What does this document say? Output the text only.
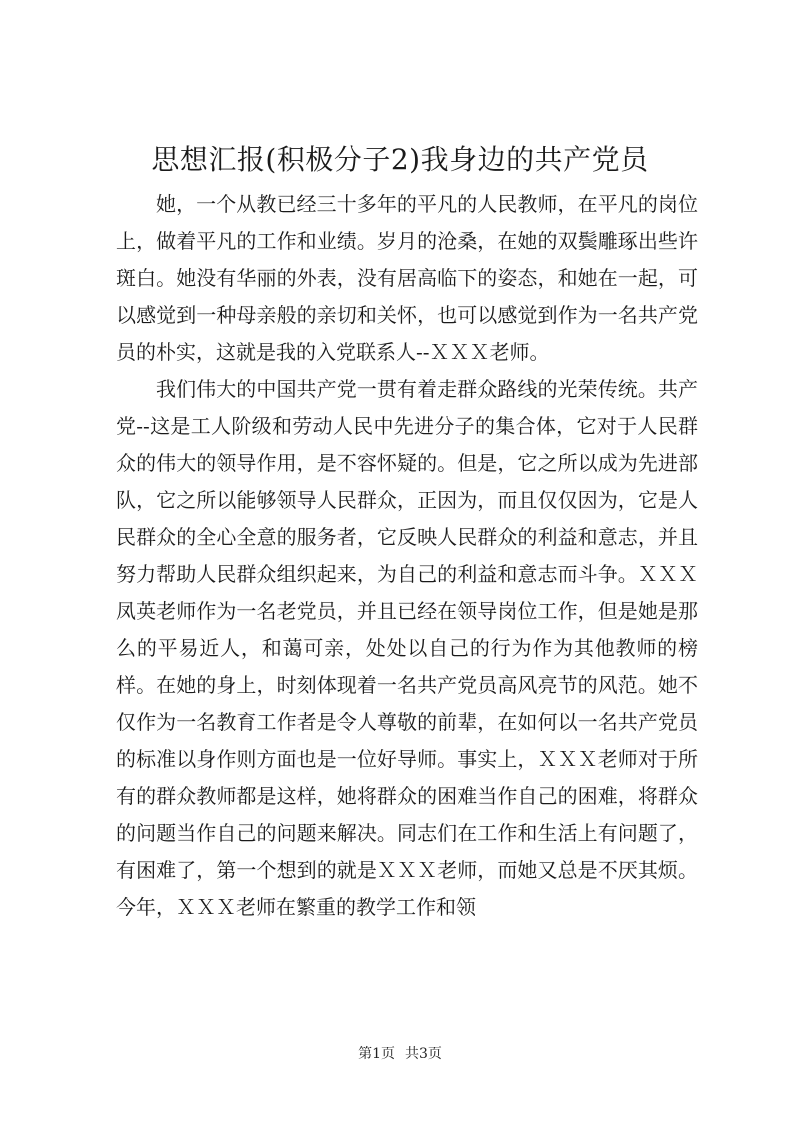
思想汇报(积极分子2)我身边的共产党员

她，一个从教已经三十多年的平凡的人民教师，在平凡的岗位上，做着平凡的工作和业绩。岁月的沧桑，在她的双鬓雕琢出些许斑白。她没有华丽的外表，没有居高临下的姿态，和她在一起，可以感觉到一种母亲般的亲切和关怀，也可以感觉到作为一名共产党员的朴实，这就是我的入党联系人--ＸＸＸ老师。

我们伟大的中国共产党一贯有着走群众路线的光荣传统。共产党--这是工人阶级和劳动人民中先进分子的集合体，它对于人民群众的伟大的领导作用，是不容怀疑的。但是，它之所以成为先进部队，它之所以能够领导人民群众，正因为，而且仅仅因为，它是人民群众的全心全意的服务者，它反映人民群众的利益和意志，并且努力帮助人民群众组织起来，为自己的利益和意志而斗争。ＸＸＸ凤英老师作为一名老党员，并且已经在领导岗位工作，但是她是那么的平易近人，和蔼可亲，处处以自己的行为作为其他教师的榜样。在她的身上，时刻体现着一名共产党员高风亮节的风范。她不仅作为一名教育工作者是令人尊敬的前辈，在如何以一名共产党员的标准以身作则方面也是一位好导师。事实上，ＸＸＸ老师对于所有的群众教师都是这样，她将群众的困难当作自己的困难，将群众的问题当作自己的问题来解决。同志们在工作和生活上有问题了，有困难了，第一个想到的就是ＸＸＸ老师，而她又总是不厌其烦。今年，ＸＸＸ老师在繁重的教学工作和领

第1页 共3页
